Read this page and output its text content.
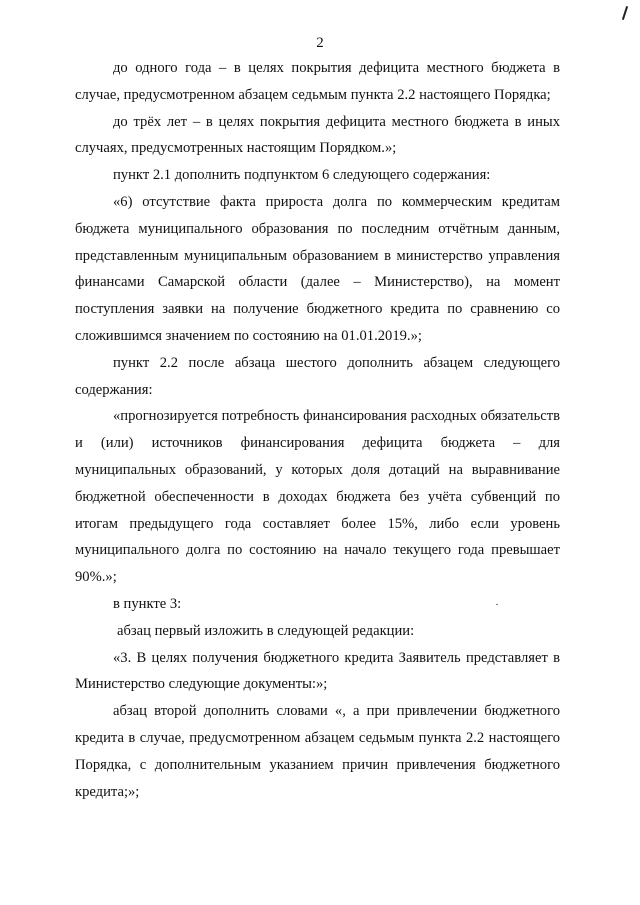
2

до одного года – в целях покрытия дефицита местного бюджета в случае, предусмотренном абзацем седьмым пункта 2.2 настоящего Порядка;

до трёх лет – в целях покрытия дефицита местного бюджета в иных случаях, предусмотренных настоящим Порядком.»;

пункт 2.1 дополнить подпунктом 6 следующего содержания:

«6) отсутствие факта прироста долга по коммерческим кредитам бюджета муниципального образования по последним отчётным данным, представленным муниципальным образованием в министерство управления финансами Самарской области (далее – Министерство), на момент поступления заявки на получение бюджетного кредита по сравнению со сложившимся значением по состоянию на 01.01.2019.»;

пункт 2.2 после абзаца шестого дополнить абзацем следующего содержания:

«прогнозируется потребность финансирования расходных обязательств и (или) источников финансирования дефицита бюджета – для муниципальных образований, у которых доля дотаций на выравнивание бюджетной обеспеченности в доходах бюджета без учёта субвенций по итогам предыдущего года составляет более 15%, либо если уровень муниципального долга по состоянию на начало текущего года превышает 90%.»;

в пункте 3:

абзац первый изложить в следующей редакции:

«3. В целях получения бюджетного кредита Заявитель представляет в Министерство следующие документы:»;

абзац второй дополнить словами «, а при привлечении бюджетного кредита в случае, предусмотренном абзацем седьмым пункта 2.2 настоящего Порядка, с дополнительным указанием причин привлечения бюджетного кредита;»;
